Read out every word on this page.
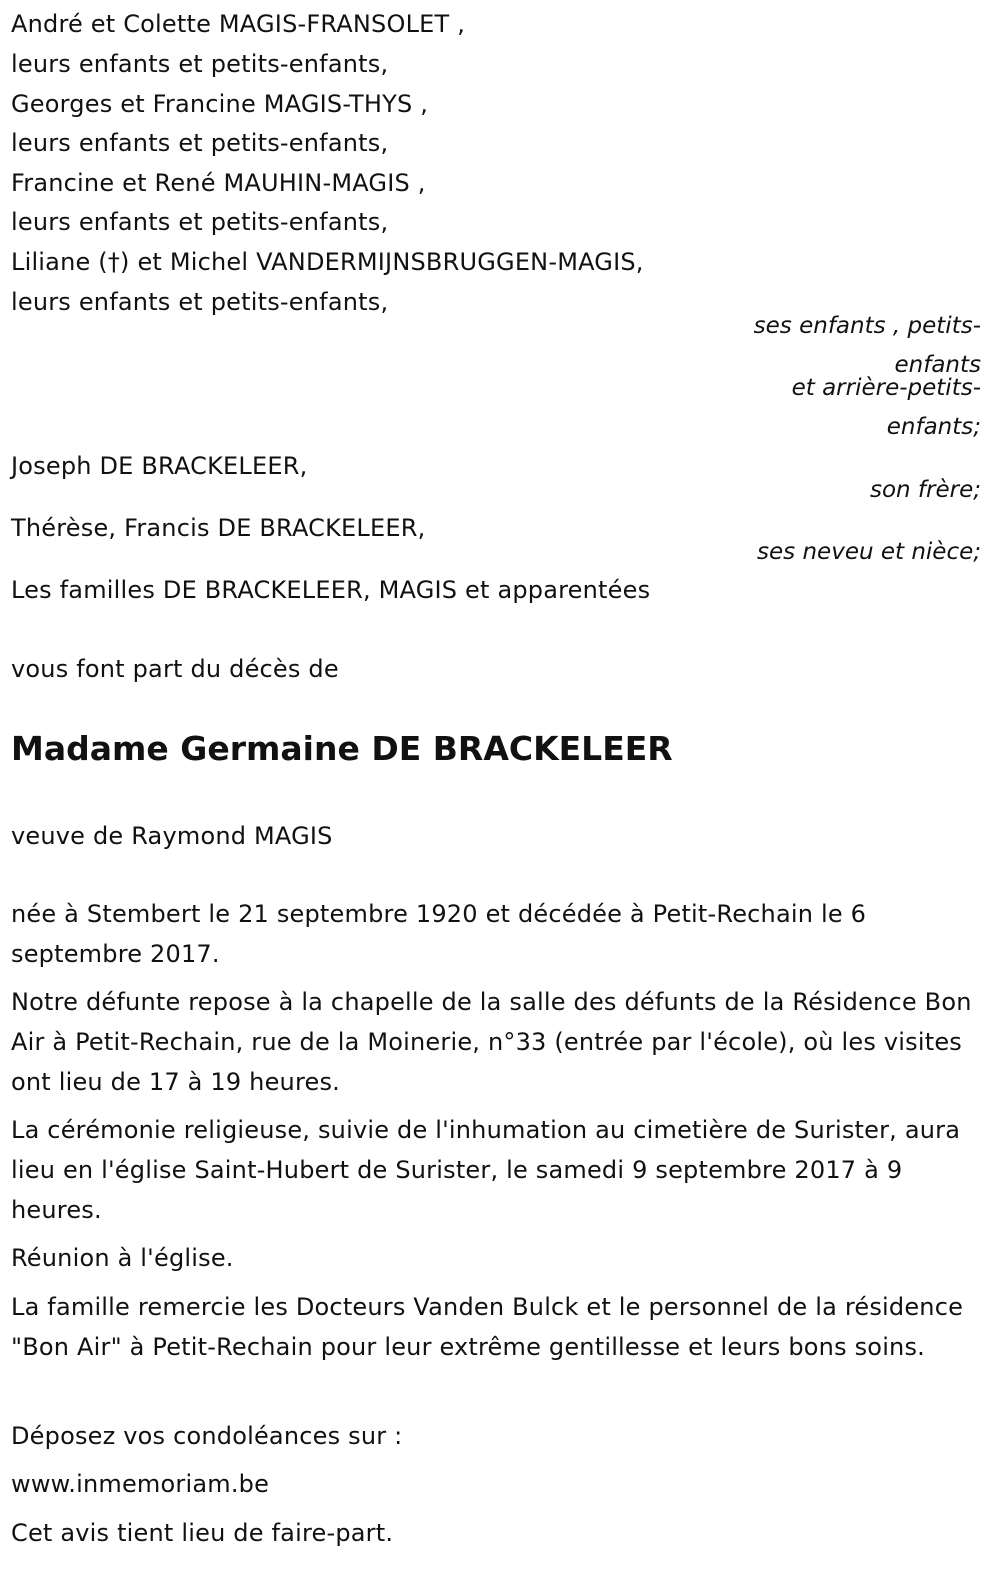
André et Colette MAGIS-FRANSOLET ,
leurs enfants et petits-enfants,
Georges et Francine MAGIS-THYS ,
leurs enfants et petits-enfants,
Francine et René MAUHIN-MAGIS ,
leurs enfants et petits-enfants,
Liliane (†) et Michel VANDERMIJNSBRUGGEN-MAGIS,
leurs enfants et petits-enfants,
ses enfants , petits-
enfants
et arrière-petits-
enfants;
Joseph DE BRACKELEER,
son frère;
Thérèse, Francis DE BRACKELEER,
ses neveu et nièce;
Les familles DE BRACKELEER, MAGIS et apparentées
vous font part du décès de
Madame Germaine DE BRACKELEER
veuve de Raymond MAGIS
née à Stembert le 21 septembre 1920 et décédée à Petit-Rechain le 6 septembre 2017.
Notre défunte repose à la chapelle de la salle des défunts de la Résidence Bon Air à Petit-Rechain, rue de la Moinerie, n°33 (entrée par l'école), où les visites ont lieu de 17 à 19 heures.
La cérémonie religieuse, suivie de l'inhumation au cimetière de Surister, aura lieu en l'église Saint-Hubert de Surister, le samedi 9 septembre 2017 à 9 heures.
Réunion à l'église.
La famille remercie les Docteurs Vanden Bulck et le personnel de la résidence "Bon Air" à Petit-Rechain pour leur extrême gentillesse et leurs bons soins.
Déposez vos condoléances sur :
www.inmemoriam.be
Cet avis tient lieu de faire-part.
